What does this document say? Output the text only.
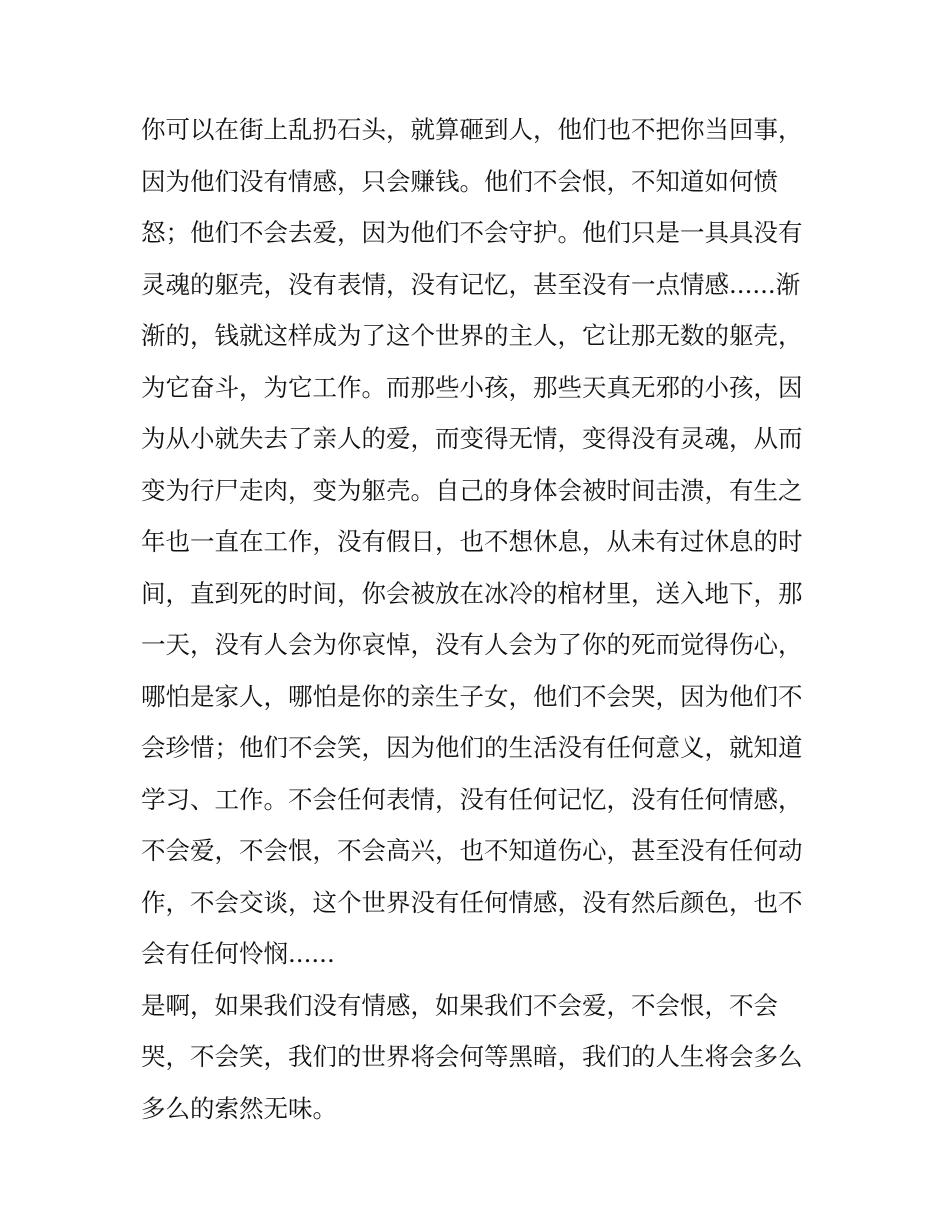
你可以在街上乱扔石头，就算砸到人，他们也不把你当回事，
因为他们没有情感，只会赚钱。他们不会恨，不知道如何愤
怒；他们不会去爱，因为他们不会守护。他们只是一具具没有
灵魂的躯壳，没有表情，没有记忆，甚至没有一点情感......渐
渐的，钱就这样成为了这个世界的主人，它让那无数的躯壳，
为它奋斗，为它工作。而那些小孩，那些天真无邪的小孩，因
为从小就失去了亲人的爱，而变得无情，变得没有灵魂，从而
变为行尸走肉，变为躯壳。自己的身体会被时间击溃，有生之
年也一直在工作，没有假日，也不想休息，从未有过休息的时
间，直到死的时间，你会被放在冰冷的棺材里，送入地下，那
一天，没有人会为你哀悼，没有人会为了你的死而觉得伤心，
哪怕是家人，哪怕是你的亲生子女，他们不会哭，因为他们不
会珍惜；他们不会笑，因为他们的生活没有任何意义，就知道
学习、工作。不会任何表情，没有任何记忆，没有任何情感，
不会爱，不会恨，不会高兴，也不知道伤心，甚至没有任何动
作，不会交谈，这个世界没有任何情感，没有然后颜色，也不
会有任何怜悯......
是啊，如果我们没有情感，如果我们不会爱，不会恨，不会
哭，不会笑，我们的世界将会何等黑暗，我们的人生将会多么
多么的索然无味。
